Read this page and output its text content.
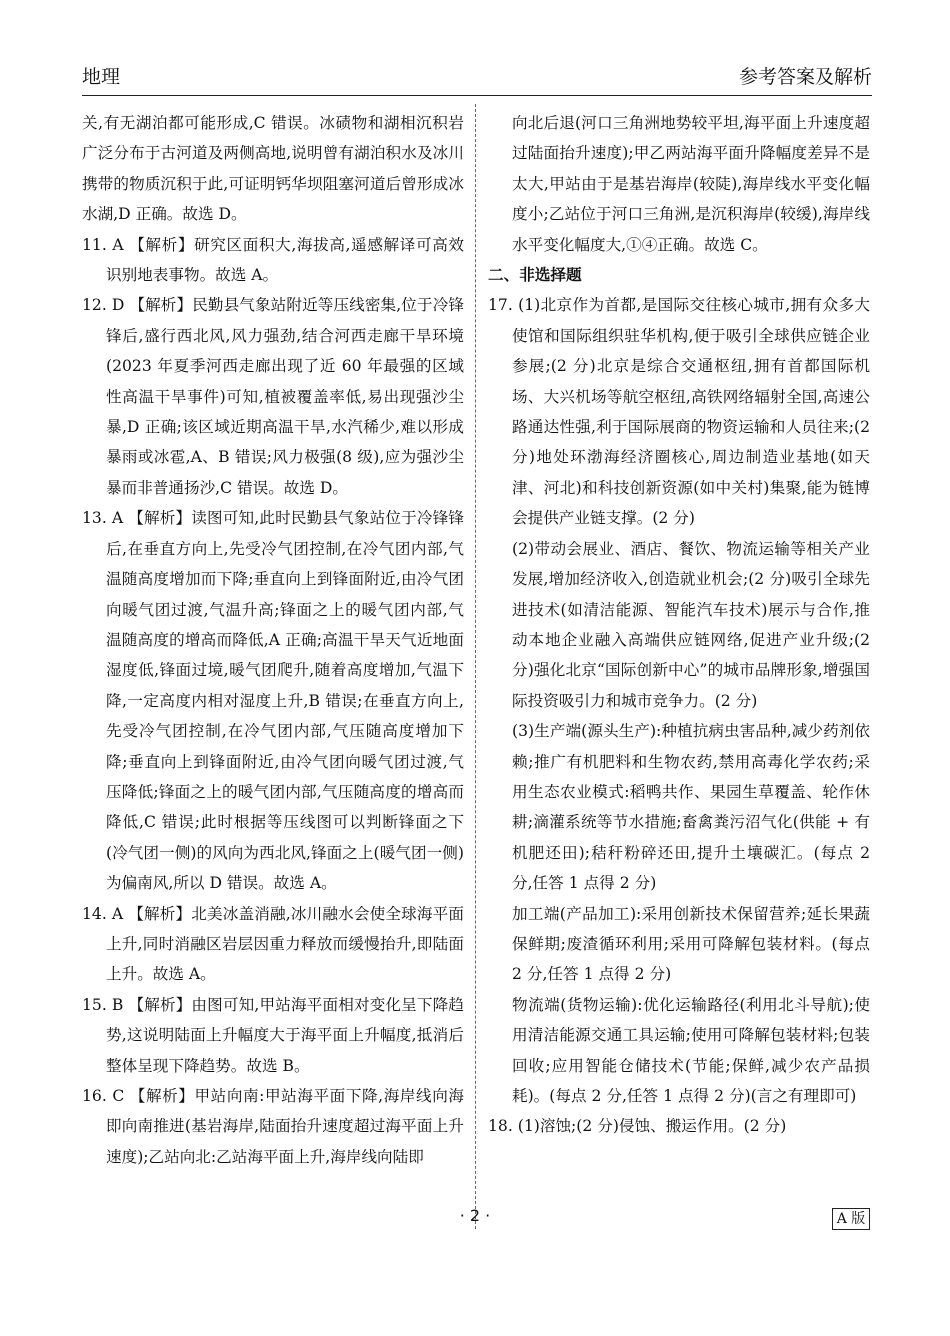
地理	参考答案及解析

关,有无湖泊都可能形成,C 错误。冰碛物和湖相沉积岩广泛分布于古河道及两侧高地,说明曾有湖泊积水及冰川携带的物质沉积于此,可证明钙华坝阻塞河道后曾形成冰水湖,D 正确。故选 D。

11. A 【解析】研究区面积大,海拔高,遥感解译可高效识别地表事物。故选 A。

12. D 【解析】民勤县气象站附近等压线密集,位于冷锋锋后,盛行西北风,风力强劲,结合河西走廊干旱环境(2023 年夏季河西走廊出现了近 60 年最强的区域性高温干旱事件)可知,植被覆盖率低,易出现强沙尘暴,D 正确;该区域近期高温干旱,水汽稀少,难以形成暴雨或冰雹,A、B 错误;风力极强(8 级),应为强沙尘暴而非普通扬沙,C 错误。故选 D。

13. A 【解析】读图可知,此时民勤县气象站位于冷锋锋后,在垂直方向上,先受冷气团控制,在冷气团内部,气温随高度增加而下降;垂直向上到锋面附近,由冷气团向暖气团过渡,气温升高;锋面之上的暖气团内部,气温随高度的增高而降低,A 正确;高温干旱天气近地面湿度低,锋面过境,暖气团爬升,随着高度增加,气温下降,一定高度内相对湿度上升,B 错误;在垂直方向上,先受冷气团控制,在冷气团内部,气压随高度增加下降;垂直向上到锋面附近,由冷气团向暖气团过渡,气压降低;锋面之上的暖气团内部,气压随高度的增高而降低,C 错误;此时根据等压线图可以判断锋面之下(冷气团一侧)的风向为西北风,锋面之上(暖气团一侧)为偏南风,所以 D 错误。故选 A。

14. A 【解析】北美冰盖消融,冰川融水会使全球海平面上升,同时消融区岩层因重力释放而缓慢抬升,即陆面上升。故选 A。

15. B 【解析】由图可知,甲站海平面相对变化呈下降趋势,这说明陆面上升幅度大于海平面上升幅度,抵消后整体呈现下降趋势。故选 B。

16. C 【解析】甲站向南:甲站海平面下降,海岸线向海即向南推进(基岩海岸,陆面抬升速度超过海平面上升速度);乙站向北:乙站海平面上升,海岸线向陆即

向北后退(河口三角洲地势较平坦,海平面上升速度超过陆面抬升速度);甲乙两站海平面升降幅度差异不是太大,甲站由于是基岩海岸(较陡),海岸线水平变化幅度小;乙站位于河口三角洲,是沉积海岸(较缓),海岸线水平变化幅度大,①④正确。故选 C。

二、非选择题

17. (1)北京作为首都,是国际交往核心城市,拥有众多大使馆和国际组织驻华机构,便于吸引全球供应链企业参展;(2 分)北京是综合交通枢纽,拥有首都国际机场、大兴机场等航空枢纽,高铁网络辐射全国,高速公路通达性强,利于国际展商的物资运输和人员往来;(2 分)地处环渤海经济圈核心,周边制造业基地(如天津、河北)和科技创新资源(如中关村)集聚,能为链博会提供产业链支撑。(2 分)

(2)带动会展业、酒店、餐饮、物流运输等相关产业发展,增加经济收入,创造就业机会;(2 分)吸引全球先进技术(如清洁能源、智能汽车技术)展示与合作,推动本地企业融入高端供应链网络,促进产业升级;(2 分)强化北京“国际创新中心”的城市品牌形象,增强国际投资吸引力和城市竞争力。(2 分)

(3)生产端(源头生产):种植抗病虫害品种,减少药剂依赖;推广有机肥料和生物农药,禁用高毒化学农药;采用生态农业模式:稻鸭共作、果园生草覆盖、轮作休耕;滴灌系统等节水措施;畜禽粪污沼气化(供能 + 有机肥还田);秸秆粉碎还田,提升土壤碳汇。(每点 2 分,任答 1 点得 2 分)

加工端(产品加工):采用创新技术保留营养;延长果蔬保鲜期;废渣循环利用;采用可降解包装材料。(每点 2 分,任答 1 点得 2 分)

物流端(货物运输):优化运输路径(利用北斗导航);使用清洁能源交通工具运输;使用可降解包装材料;包装回收;应用智能仓储技术(节能;保鲜,减少农产品损耗)。(每点 2 分,任答 1 点得 2 分)(言之有理即可)

18. (1)溶蚀;(2 分)侵蚀、搬运作用。(2 分)

· 2 ·	A 版
